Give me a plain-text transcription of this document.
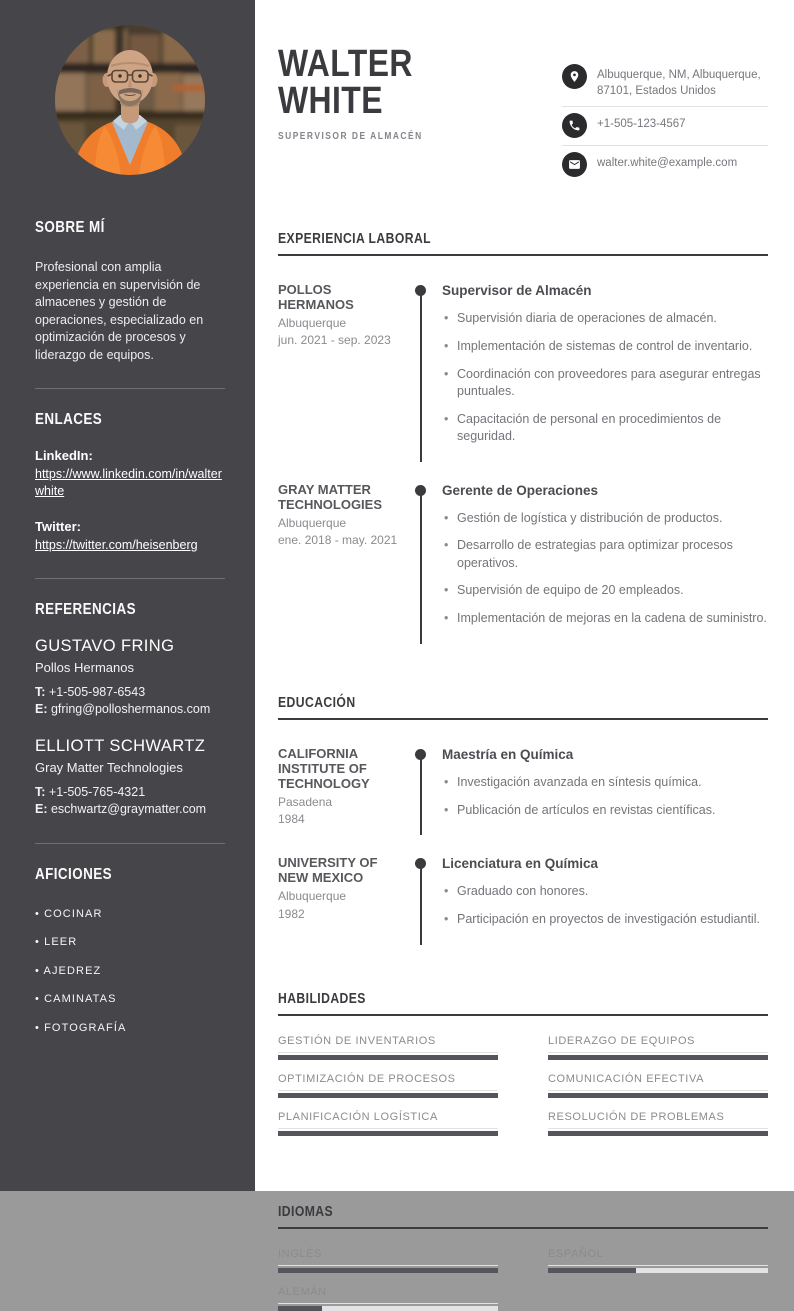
SOBRE MÍ

Profesional con amplia experiencia en supervisión de almacenes y gestión de operaciones, especializado en optimización de procesos y liderazgo de equipos.

ENLACES
LinkedIn:
https://www.linkedin.com/in/walterwhite
Twitter:
https://twitter.com/heisenberg
REFERENCIAS
GUSTAVO FRING
Pollos Hermanos
T: +1-505-987-6543
E: gfring@polloshermanos.com
ELLIOTT SCHWARTZ
Gray Matter Technologies
T: +1-505-765-4321
E: eschwartz@graymatter.com
AFICIONES
• COCINAR
• LEER
• AJEDREZ
• CAMINATAS
• FOTOGRAFÍA
WALTER
WHITE
SUPERVISOR DE ALMACÉN
Albuquerque, NM, Albuquerque, 87101, Estados Unidos
+1-505-123-4567
walter.white@example.com
EXPERIENCIA LABORAL
POLLOS HERMANOS
Albuquerque
jun. 2021 - sep. 2023
Supervisor de Almacén
• Supervisión diaria de operaciones de almacén.
• Implementación de sistemas de control de inventario.
• Coordinación con proveedores para asegurar entregas puntuales.
• Capacitación de personal en procedimientos de seguridad.
GRAY MATTER TECHNOLOGIES
Albuquerque
ene. 2018 - may. 2021
Gerente de Operaciones
• Gestión de logística y distribución de productos.
• Desarrollo de estrategias para optimizar procesos operativos.
• Supervisión de equipo de 20 empleados.
• Implementación de mejoras en la cadena de suministro.
EDUCACIÓN
CALIFORNIA INSTITUTE OF TECHNOLOGY
Pasadena
1984
Maestría en Química
• Investigación avanzada en síntesis química.
• Publicación de artículos en revistas científicas.
UNIVERSITY OF NEW MEXICO
Albuquerque
1982
Licenciatura en Química
• Graduado con honores.
• Participación en proyectos de investigación estudiantil.
HABILIDADES
GESTIÓN DE INVENTARIOS	LIDERAZGO DE EQUIPOS
OPTIMIZACIÓN DE PROCESOS	COMUNICACIÓN EFECTIVA
PLANIFICACIÓN LOGÍSTICA	RESOLUCIÓN DE PROBLEMAS
IDIOMAS
INGLÉS	ESPAÑOL
ALEMÁN
